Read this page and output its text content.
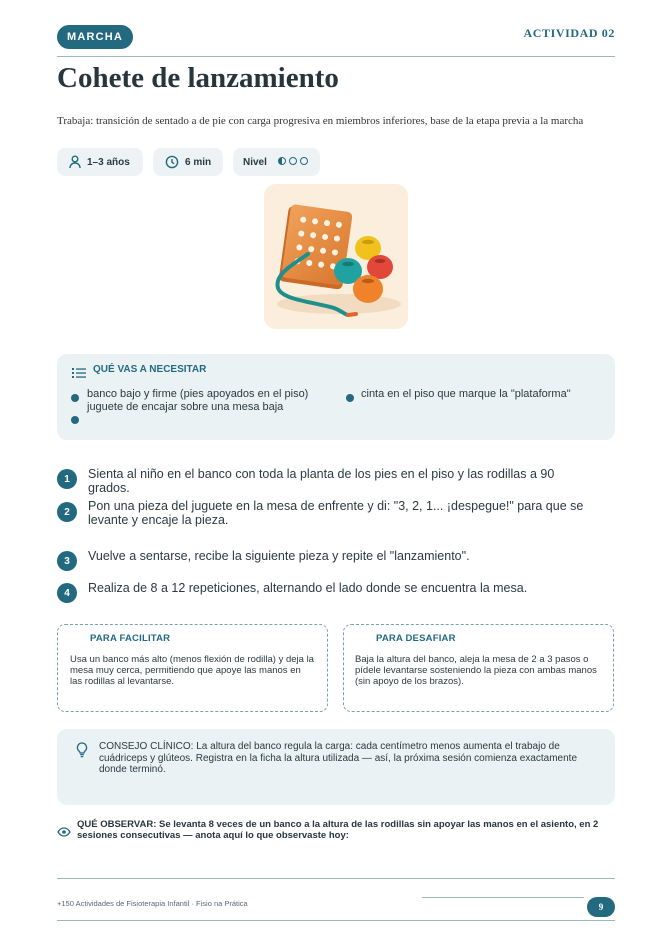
MARCHA	ACTIVIDAD 02
Cohete de lanzamiento
Trabaja: transición de sentado a de pie con carga progresiva en miembros inferiores, base de la etapa previa a la marcha
1–3 años	6 min	Nivel
QUÉ VAS A NECESITAR
banco bajo y firme (pies apoyados en el piso)
juguete de encajar sobre una mesa baja
cinta en el piso que marque la "plataforma"
1	Sienta al niño en el banco con toda la planta de los pies en el piso y las rodillas a 90 grados.
2	Pon una pieza del juguete en la mesa de enfrente y di: "3, 2, 1... ¡despegue!" para que se levante y encaje la pieza.
3	Vuelve a sentarse, recibe la siguiente pieza y repite el "lanzamiento".
4	Realiza de 8 a 12 repeticiones, alternando el lado donde se encuentra la mesa.
PARA FACILITAR
Usa un banco más alto (menos flexión de rodilla) y deja la mesa muy cerca, permitiendo que apoye las manos en las rodillas al levantarse.
PARA DESAFIAR
Baja la altura del banco, aleja la mesa de 2 a 3 pasos o pídele levantarse sosteniendo la pieza con ambas manos (sin apoyo de los brazos).
CONSEJO CLÍNICO: La altura del banco regula la carga: cada centímetro menos aumenta el trabajo de cuádriceps y glúteos. Registra en la ficha la altura utilizada — así, la próxima sesión comienza exactamente donde terminó.
QUÉ OBSERVAR: Se levanta 8 veces de un banco a la altura de las rodillas sin apoyar las manos en el asiento, en 2 sesiones consecutivas — anota aquí lo que observaste hoy:
+150 Actividades de Fisioterapia Infantil · Fisio na Prática	9
